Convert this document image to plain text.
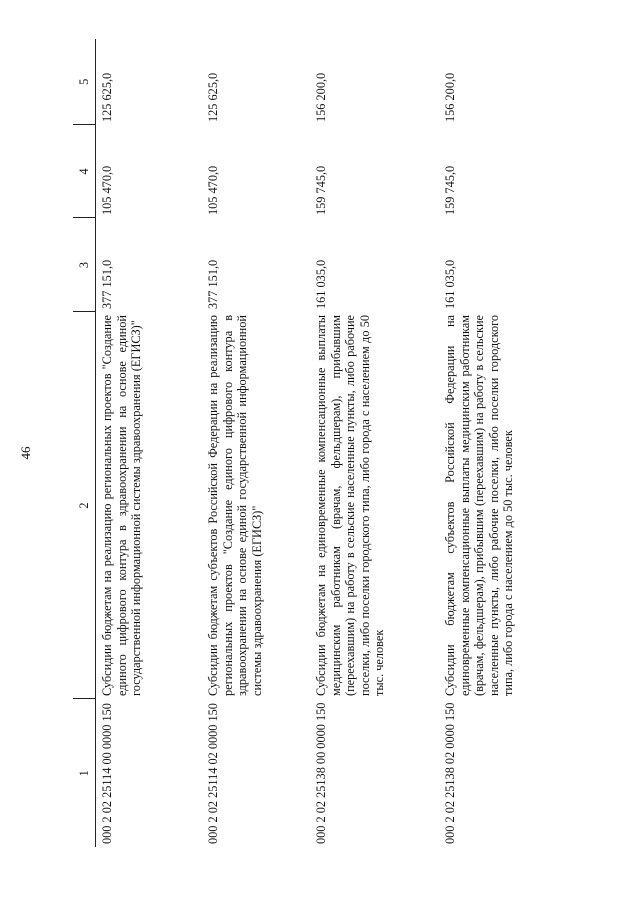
46
1	2	3	4	5
000 2 02 25114 00 0000 150	Субсидии бюджетам на реализацию региональных проектов "Создание единого цифрового контура в здравоохранении на основе единой государственной информационной системы здравоохранения (ЕГИСЗ)"	377 151,0	105 470,0	125 625,0
000 2 02 25114 02 0000 150	Субсидии бюджетам субъектов Российской Федерации на реализацию региональных проектов "Создание единого цифрового контура в здравоохранении на основе единой государственной информационной системы здравоохранения (ЕГИСЗ)"	377 151,0	105 470,0	125 625,0
000 2 02 25138 00 0000 150	Субсидии бюджетам на единовременные компенсационные выплаты медицинским работникам (врачам, фельдшерам), прибывшим (переехавшим) на работу в сельские населенные пункты, либо рабочие поселки, либо поселки городского типа, либо города с населением до 50 тыс. человек	161 035,0	159 745,0	156 200,0
000 2 02 25138 02 0000 150	Субсидии бюджетам субъектов Российской Федерации на единовременные компенсационные выплаты медицинским работникам (врачам, фельдшерам), прибывшим (переехавшим) на работу в сельские населенные пункты, либо рабочие поселки, либо поселки городского типа, либо города с населением до 50 тыс. человек	161 035,0	159 745,0	156 200,0
